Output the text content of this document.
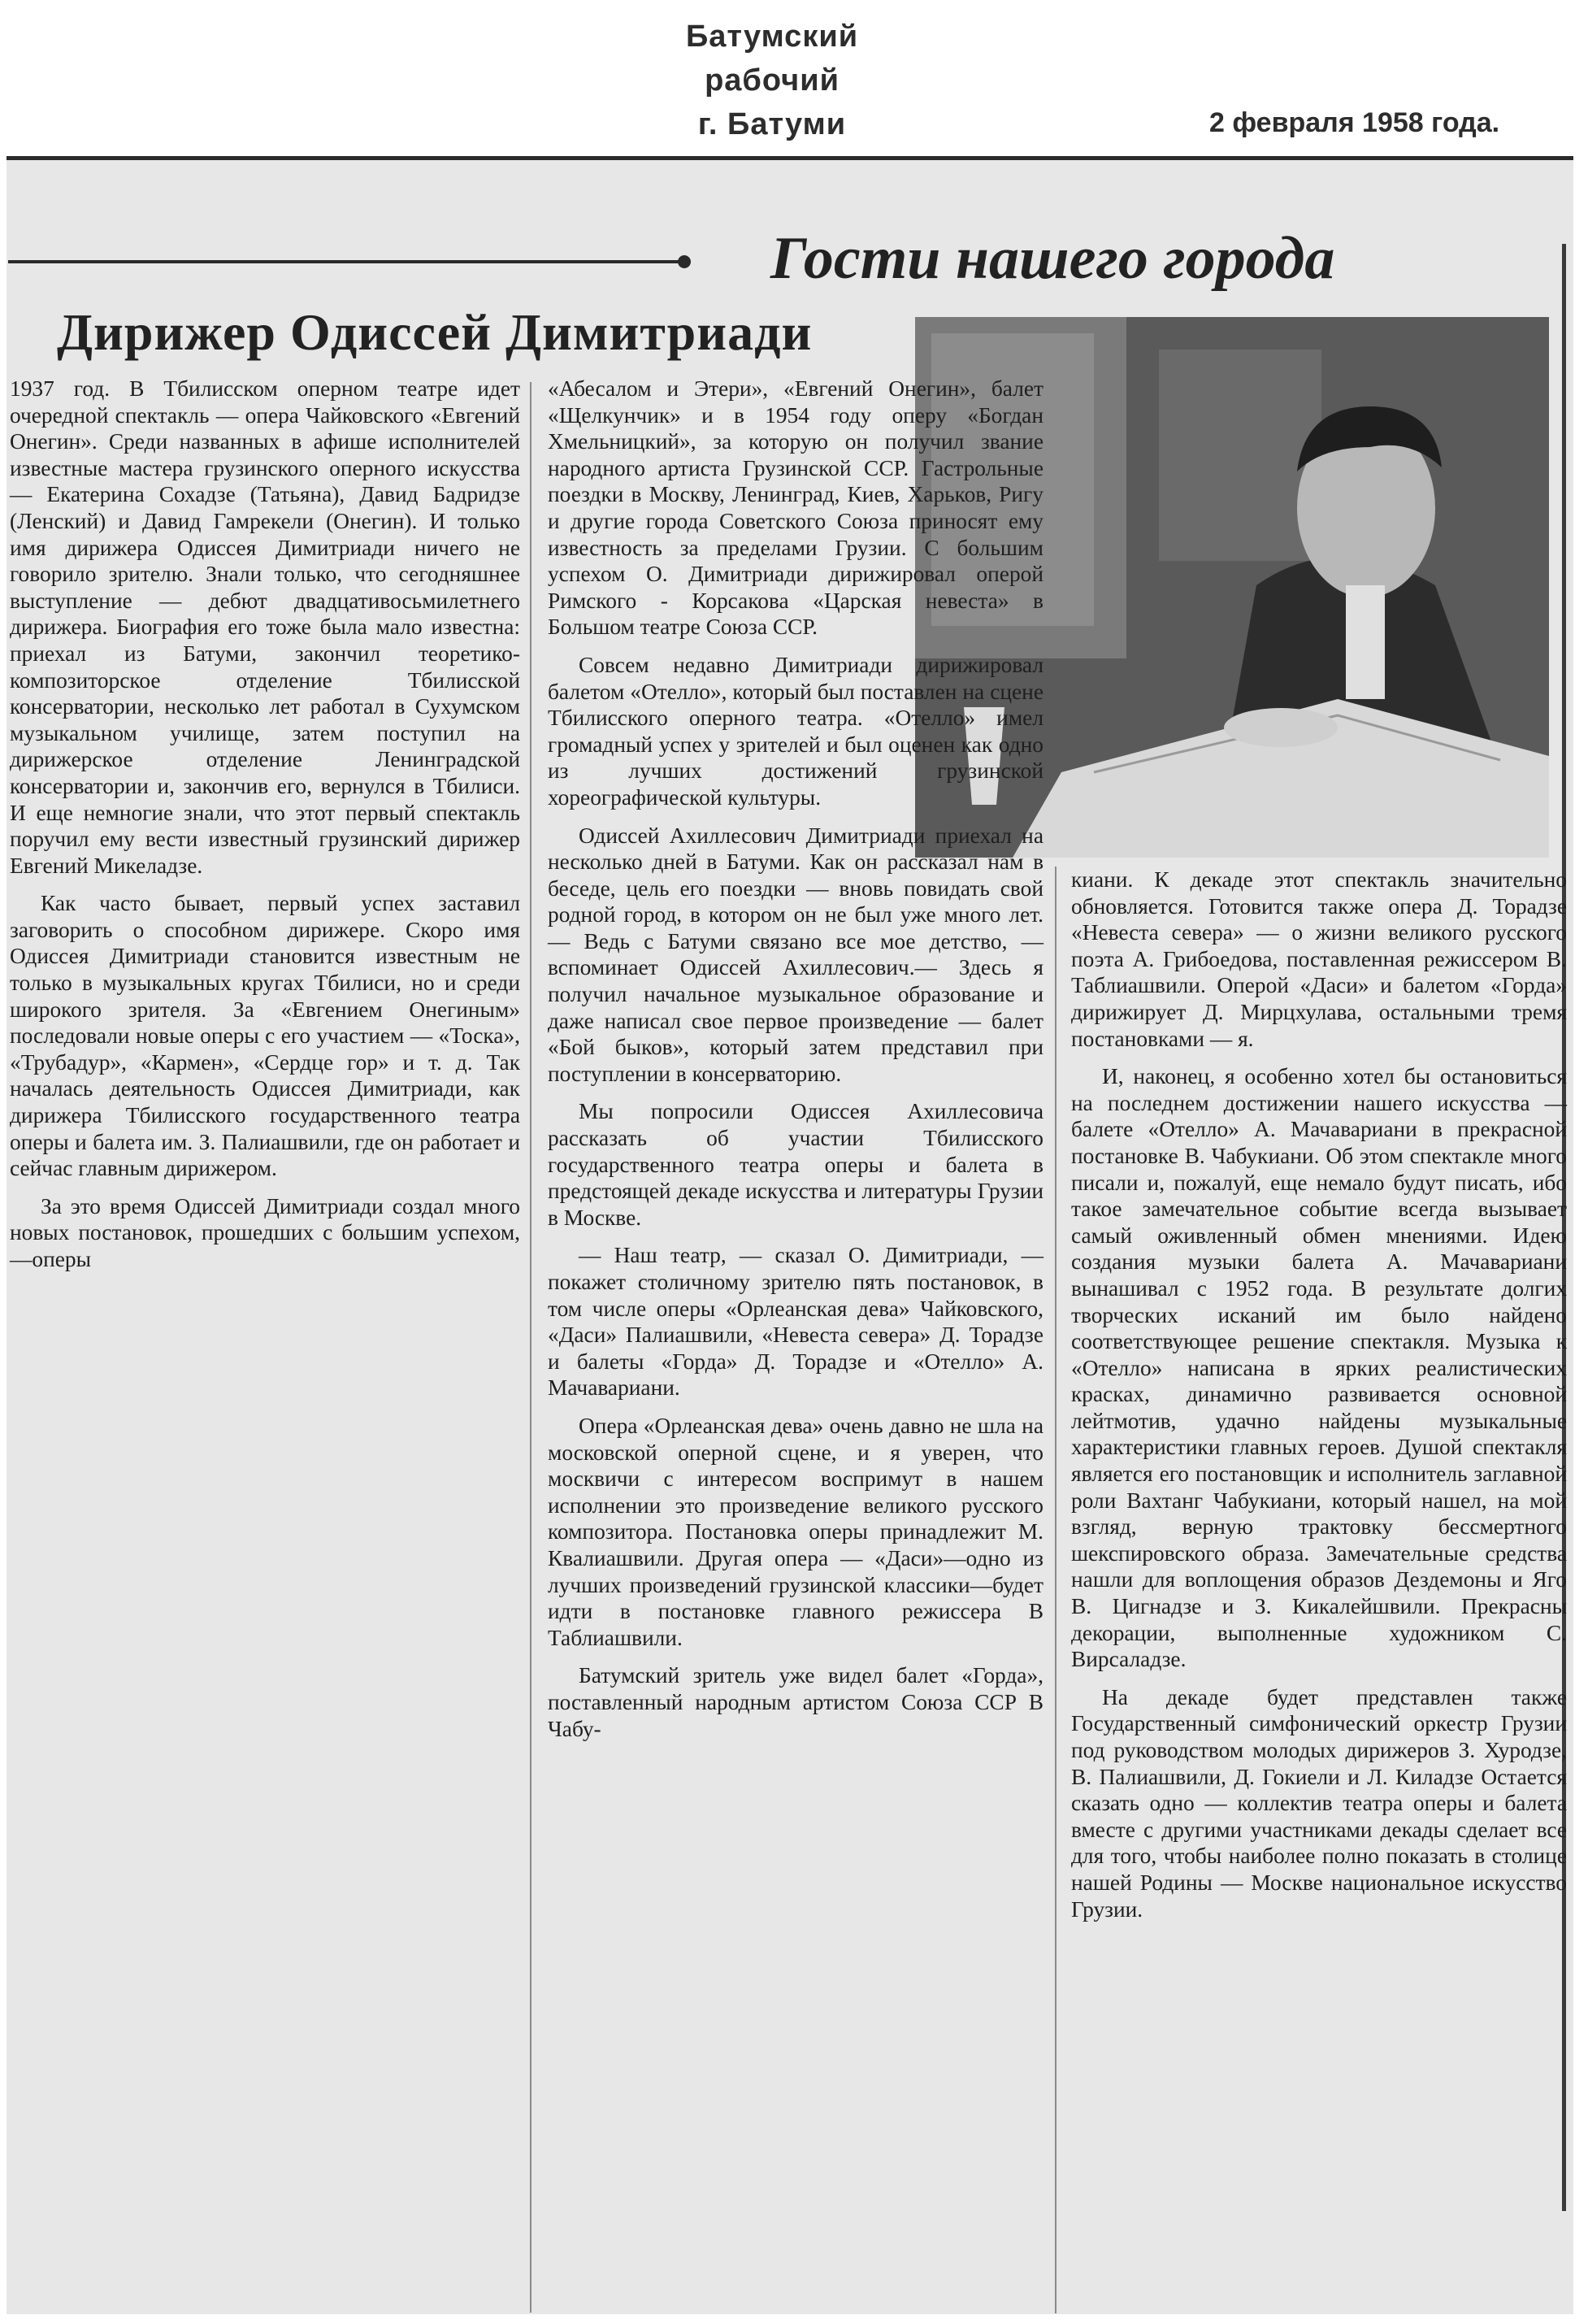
Батумский рабочий
г. Батуми	2 февраля 1958 года.
Гости нашего города
Дирижер Одиссей Димитриади

1937 год. В Тбилисском оперном театре идет очередной спектакль — опера Чайковского «Евгений Онегин». Среди названных в афише исполнителей известные мастера грузинского оперного искусства — Екатерина Сохадзе (Татьяна), Давид Бадридзе (Ленский) и Давид Гамрекели (Онегин). И только имя дирижера Одиссея Димитриади ничего не говорило зрителю. Знали только, что сегодняшнее выступление — дебют двадцативосьмилетнего дирижера. Биография его тоже была мало известна: приехал из Батуми, закончил теоретико-композиторское отделение Тбилисской консерватории, несколько лет работал в Сухумском музыкальном училище, затем поступил на дирижерское отделение Ленинградской консерватории и, закончив его, вернулся в Тбилиси. И еще немногие знали, что этот первый спектакль поручил ему вести известный грузинский дирижер Евгений Микеладзе.

Как часто бывает, первый успех заставил заговорить о способном дирижере. Скоро имя Одиссея Димитриади становится известным не только в музыкальных кругах Тбилиси, но и среди широкого зрителя. За «Евгением Онегиным» последовали новые оперы с его участием — «Тоска», «Трубадур», «Кармен», «Сердце гор» и т. д. Так началась деятельность Одиссея Димитриади, как дирижера Тбилисского государственного театра оперы и балета им. З. Палиашвили, где он работает и сейчас главным дирижером.

За это время Одиссей Димитриади создал много новых постановок, прошедших с большим успехом,—оперы

«Абесалом и Этери», «Евгений Онегин», балет «Щелкунчик» и в 1954 году оперу «Богдан Хмельницкий», за которую он получил звание народного артиста Грузинской ССР. Гастрольные поездки в Москву, Ленинград, Киев, Харьков, Ригу и другие города Советского Союза приносят ему известность за пределами Грузии. С большим успехом О. Димитриади дирижировал оперой Римского - Корсакова «Царская невеста» в Большом театре Союза ССР.

Совсем недавно Димитриади дирижировал балетом «Отелло», который был поставлен на сцене Тбилисского оперного театра. «Отелло» имел громадный успех у зрителей и был оценен как одно из лучших достижений грузинской хореографической культуры.

Одиссей Ахиллесович Димитриади приехал на несколько дней в Батуми. Как он рассказал нам в беседе, цель его поездки — вновь повидать свой родной город, в котором он не был уже много лет. — Ведь с Батуми связано все мое детство, — вспоминает Одиссей Ахиллесович.— Здесь я получил начальное музыкальное образование и даже написал свое первое произведение — балет «Бой быков», который затем представил при поступлении в консерваторию.

Мы попросили Одиссея Ахиллесовича рассказать об участии Тбилисского государственного театра оперы и балета в предстоящей декаде искусства и литературы Грузии в Москве.

— Наш театр, — сказал О. Димитриади, — покажет столичному зрителю пять постановок, в том числе оперы «Орлеанская дева» Чайковского, «Даси» Палиашвили, «Невеста севера» Д. Торадзе и балеты «Горда» Д. Торадзе и «Отелло» А. Мачавариани.

Опера «Орлеанская дева» очень давно не шла на московской оперной сцене, и я уверен, что москвичи с интересом воспримут в нашем исполнении это произведение великого русского композитора. Постановка оперы принадлежит М. Квалиашвили. Другая опера — «Даси»—одно из лучших произведений грузинской классики—будет идти в постановке главного режиссера В Таблиашвили.

Батумский зритель уже видел балет «Горда», поставленный народным артистом Союза ССР В Чабу-

киани. К декаде этот спектакль значительно обновляется. Готовится также опера Д. Торадзе «Невеста севера» — о жизни великого русского поэта А. Грибоедова, поставленная режиссером В. Таблиашвили. Оперой «Даси» и балетом «Горда» дирижирует Д. Мирцхулава, остальными тремя постановками — я.

И, наконец, я особенно хотел бы остановиться на последнем достижении нашего искусства — балете «Отелло» А. Мачавариани в прекрасной постановке В. Чабукиани. Об этом спектакле много писали и, пожалуй, еще немало будут писать, ибо такое замечательное событие всегда вызывает самый оживленный обмен мнениями. Идею создания музыки балета А. Мачавариани вынашивал с 1952 года. В результате долгих творческих исканий им было найдено соответствующее решение спектакля. Музыка к «Отелло» написана в ярких реалистических красках, динамично развивается основной лейтмотив, удачно найдены музыкальные характеристики главных героев. Душой спектакля является его постановщик и исполнитель заглавной роли Вахтанг Чабукиани, который нашел, на мой взгляд, верную трактовку бессмертного шекспировского образа. Замечательные средства нашли для воплощения образов Дездемоны и Яго В. Цигнадзе и З. Кикалейшвили. Прекрасны декорации, выполненные художником С. Вирсаладзе.

На декаде будет представлен также Государственный симфонический оркестр Грузии под руководством молодых дирижеров З. Хуродзе, В. Палиашвили, Д. Гокиели и Л. Киладзе Остается сказать одно — коллектив театра оперы и балета вместе с другими участниками декады сделает все для того, чтобы наиболее полно показать в столице нашей Родины — Москве национальное искусство Грузии.
